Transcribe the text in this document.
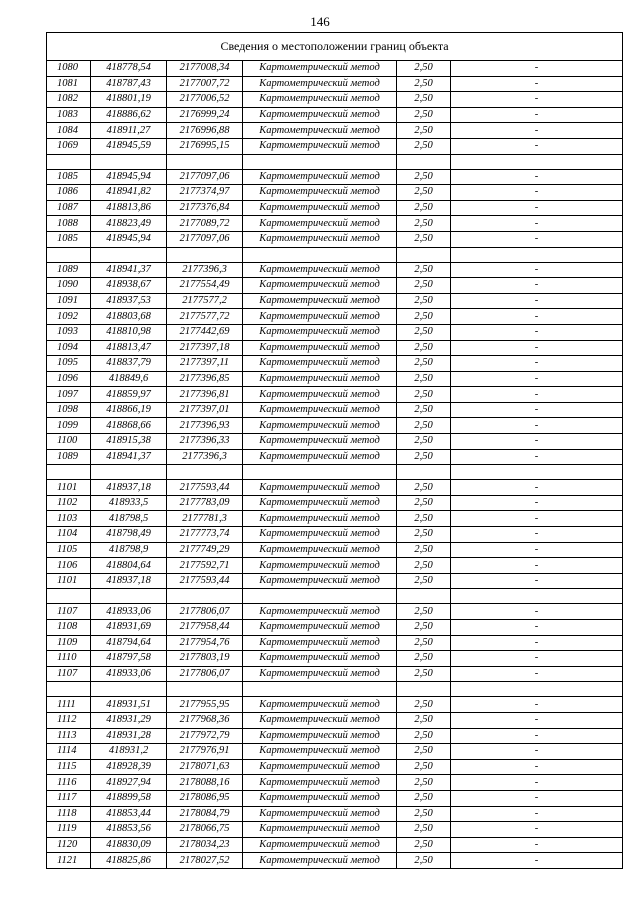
146
Сведения о местоположении границ объекта					
1080	418778,54	2177008,34	Картометрический метод	2,50	-
1081	418787,43	2177007,72	Картометрический метод	2,50	-
1082	418801,19	2177006,52	Картометрический метод	2,50	-
1083	418886,62	2176999,24	Картометрический метод	2,50	-
1084	418911,27	2176996,88	Картометрический метод	2,50	-
1069	418945,59	2176995,15	Картометрический метод	2,50	-

1085	418945,94	2177097,06	Картометрический метод	2,50	-
1086	418941,82	2177374,97	Картометрический метод	2,50	-
1087	418813,86	2177376,84	Картометрический метод	2,50	-
1088	418823,49	2177089,72	Картометрический метод	2,50	-
1085	418945,94	2177097,06	Картометрический метод	2,50	-

1089	418941,37	2177396,3	Картометрический метод	2,50	-
1090	418938,67	2177554,49	Картометрический метод	2,50	-
1091	418937,53	2177577,2	Картометрический метод	2,50	-
1092	418803,68	2177577,72	Картометрический метод	2,50	-
1093	418810,98	2177442,69	Картометрический метод	2,50	-
1094	418813,47	2177397,18	Картометрический метод	2,50	-
1095	418837,79	2177397,11	Картометрический метод	2,50	-
1096	418849,6	2177396,85	Картометрический метод	2,50	-
1097	418859,97	2177396,81	Картометрический метод	2,50	-
1098	418866,19	2177397,01	Картометрический метод	2,50	-
1099	418868,66	2177396,93	Картометрический метод	2,50	-
1100	418915,38	2177396,33	Картометрический метод	2,50	-
1089	418941,37	2177396,3	Картометрический метод	2,50	-

1101	418937,18	2177593,44	Картометрический метод	2,50	-
1102	418933,5	2177783,09	Картометрический метод	2,50	-
1103	418798,5	2177781,3	Картометрический метод	2,50	-
1104	418798,49	2177773,74	Картометрический метод	2,50	-
1105	418798,9	2177749,29	Картометрический метод	2,50	-
1106	418804,64	2177592,71	Картометрический метод	2,50	-
1101	418937,18	2177593,44	Картометрический метод	2,50	-

1107	418933,06	2177806,07	Картометрический метод	2,50	-
1108	418931,69	2177958,44	Картометрический метод	2,50	-
1109	418794,64	2177954,76	Картометрический метод	2,50	-
1110	418797,58	2177803,19	Картометрический метод	2,50	-
1107	418933,06	2177806,07	Картометрический метод	2,50	-

1111	418931,51	2177955,95	Картометрический метод	2,50	-
1112	418931,29	2177968,36	Картометрический метод	2,50	-
1113	418931,28	2177972,79	Картометрический метод	2,50	-
1114	418931,2	2177976,91	Картометрический метод	2,50	-
1115	418928,39	2178071,63	Картометрический метод	2,50	-
1116	418927,94	2178088,16	Картометрический метод	2,50	-
1117	418899,58	2178086,95	Картометрический метод	2,50	-
1118	418853,44	2178084,79	Картометрический метод	2,50	-
1119	418853,56	2178066,75	Картометрический метод	2,50	-
1120	418830,09	2178034,23	Картометрический метод	2,50	-
1121	418825,86	2178027,52	Картометрический метод	2,50	-
